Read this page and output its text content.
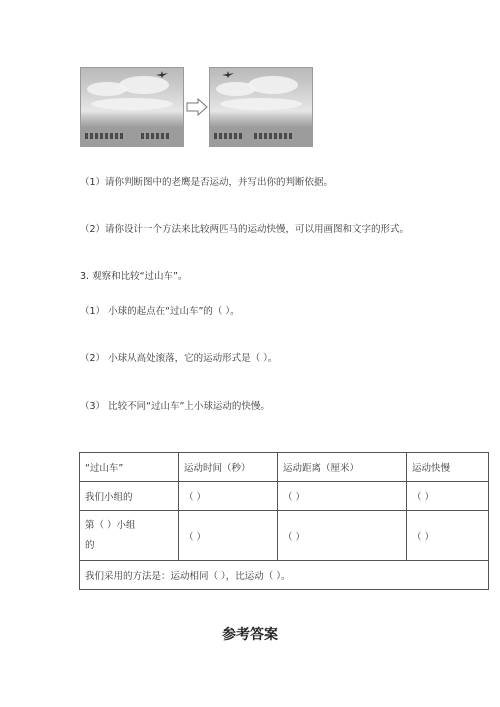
（1）请你判断图中的老鹰是否运动，并写出你的判断依据。
（2）请你设计一个方法来比较两匹马的运动快慢，可以用画图和文字的形式。
3. 观察和比较“过山车”。
（1） 小球的起点在“过山车”的（ ）。
（2） 小球从高处滚落，它的运动形式是（ ）。
（3） 比较不同“过山车”上小球运动的快慢。
“过山车”	运动时间（秒）	运动距离（厘米）	运动快慢
我们小组的	（ ）	（ ）	（ ）

第（ ）小组
的	（ ）	（ ）	（ ）
我们采用的方法是：运动相同（ ），比运动（ ）。			
参考答案
